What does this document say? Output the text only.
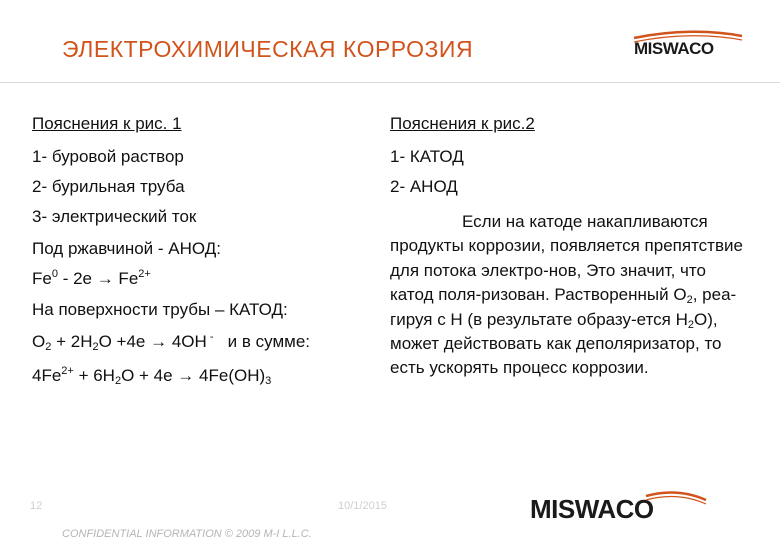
ЭЛЕКТРОХИМИЧЕСКАЯ КОРРОЗИЯ	MISWACO
Пояснения к рис. 1
1- буровой раствор
2- бурильная труба
3- электрический ток
Под ржавчиной - АНОД:
$Fe^0 - 2e \to Fe^{2+}$
На поверхности трубы – КАТОД:
$O_2 + 2H_2O +4e \to 4OH$ -   и в сумме:
$4Fe^{2+} + 6H_2O + 4e \to 4Fe(OH)_3$
Пояснения к рис.2
1- КАТОД
2- АНОД
Если на катоде накапливаются продукты коррозии, появляется препятствие для потока электро-нов, Это значит, что катод поля-ризован. Растворенный $О_2$, реа-гируя с Н (в результате образу-ется $Н_2О$), может действовать как деполяризатор, то есть ускорять процесс коррозии.
12	10/1/2015
CONFIDENTIAL INFORMATION © 2009 M-I L.L.C.
MISWACO
